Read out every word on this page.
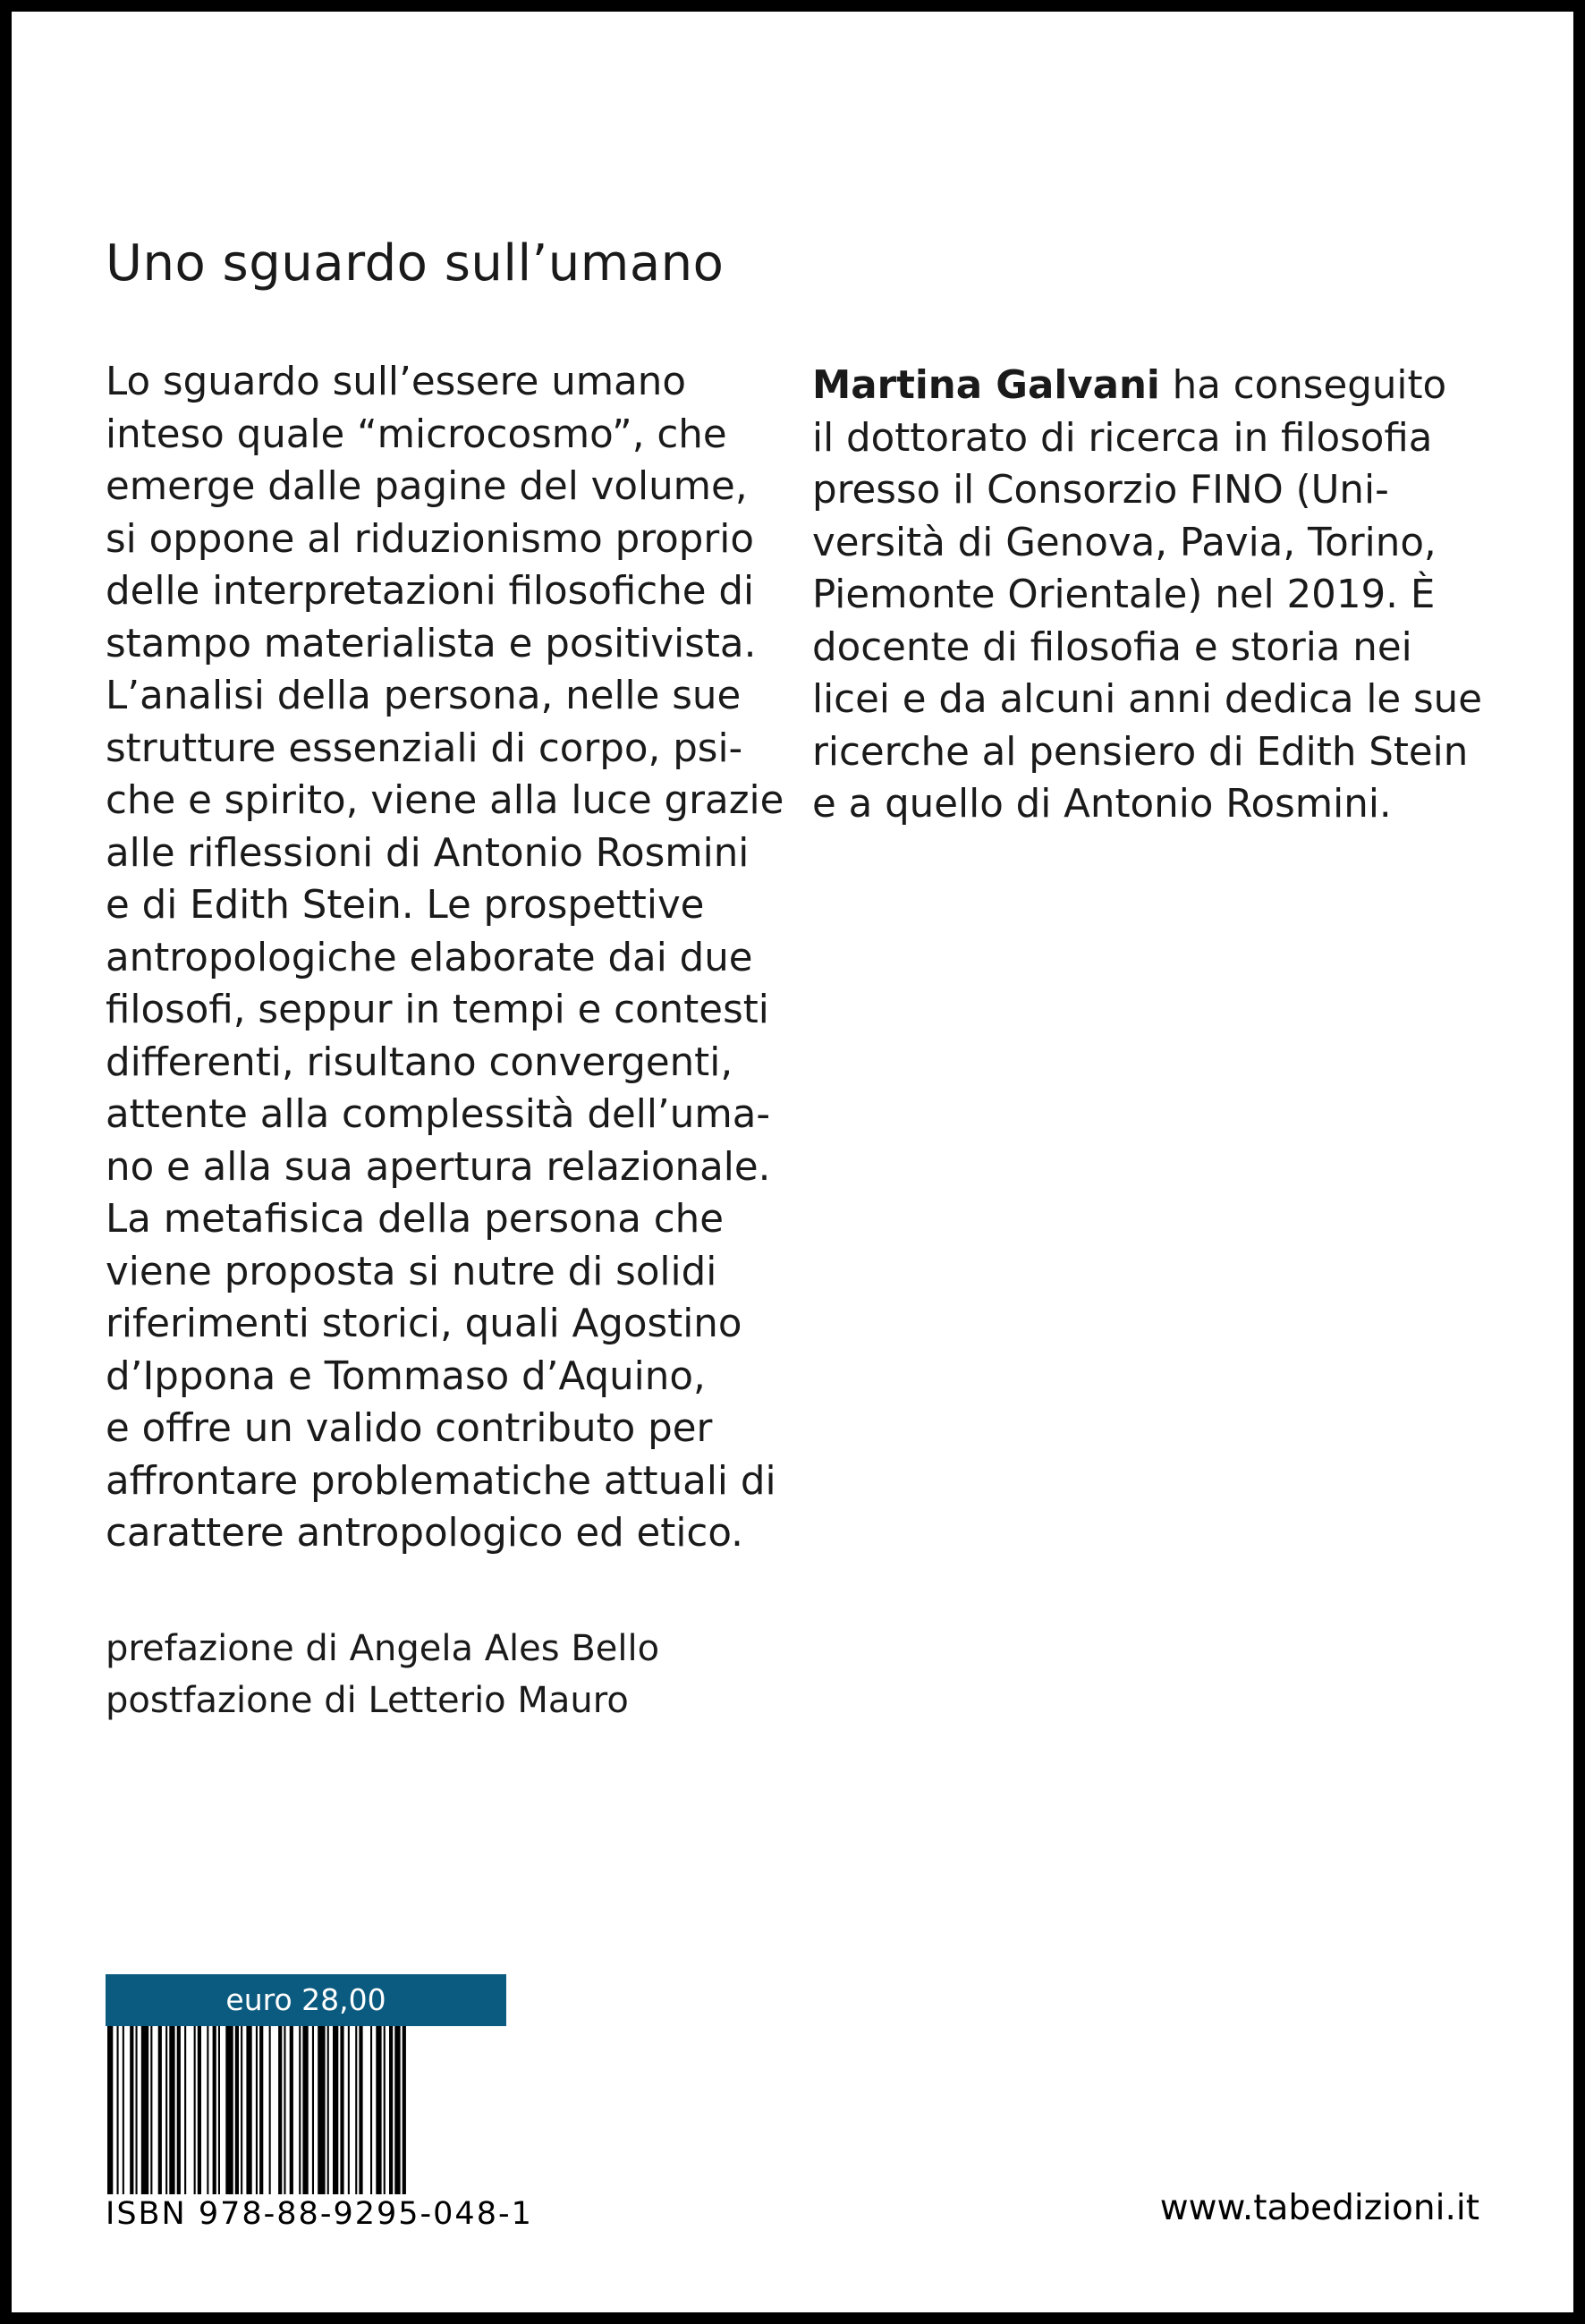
Uno sguardo sull’umano
Lo sguardo sull’essere umano
inteso quale “microcosmo”, che
emerge dalle pagine del volume,
si oppone al riduzionismo proprio
delle interpretazioni filosofiche di
stampo materialista e positivista.
L’analisi della persona, nelle sue
strutture essenziali di corpo, psi-
che e spirito, viene alla luce grazie
alle riflessioni di Antonio Rosmini
e di Edith Stein. Le prospettive
antropologiche elaborate dai due
filosofi, seppur in tempi e contesti
differenti, risultano convergenti,
attente alla complessità dell’uma-
no e alla sua apertura relazionale.
La metafisica della persona che
viene proposta si nutre di solidi
riferimenti storici, quali Agostino
d’Ippona e Tommaso d’Aquino,
e offre un valido contributo per
affrontare problematiche attuali di
carattere antropologico ed etico.
Martina Galvani ha conseguito
il dottorato di ricerca in filosofia
presso il Consorzio FINO (Uni-
versità di Genova, Pavia, Torino,
Piemonte Orientale) nel 2019. È
docente di filosofia e storia nei
licei e da alcuni anni dedica le sue
ricerche al pensiero di Edith Stein
e a quello di Antonio Rosmini.
prefazione di Angela Ales Bello
postfazione di Letterio Mauro
euro 28,00
ISBN 978-88-9295-048-1	www.tabedizioni.it
